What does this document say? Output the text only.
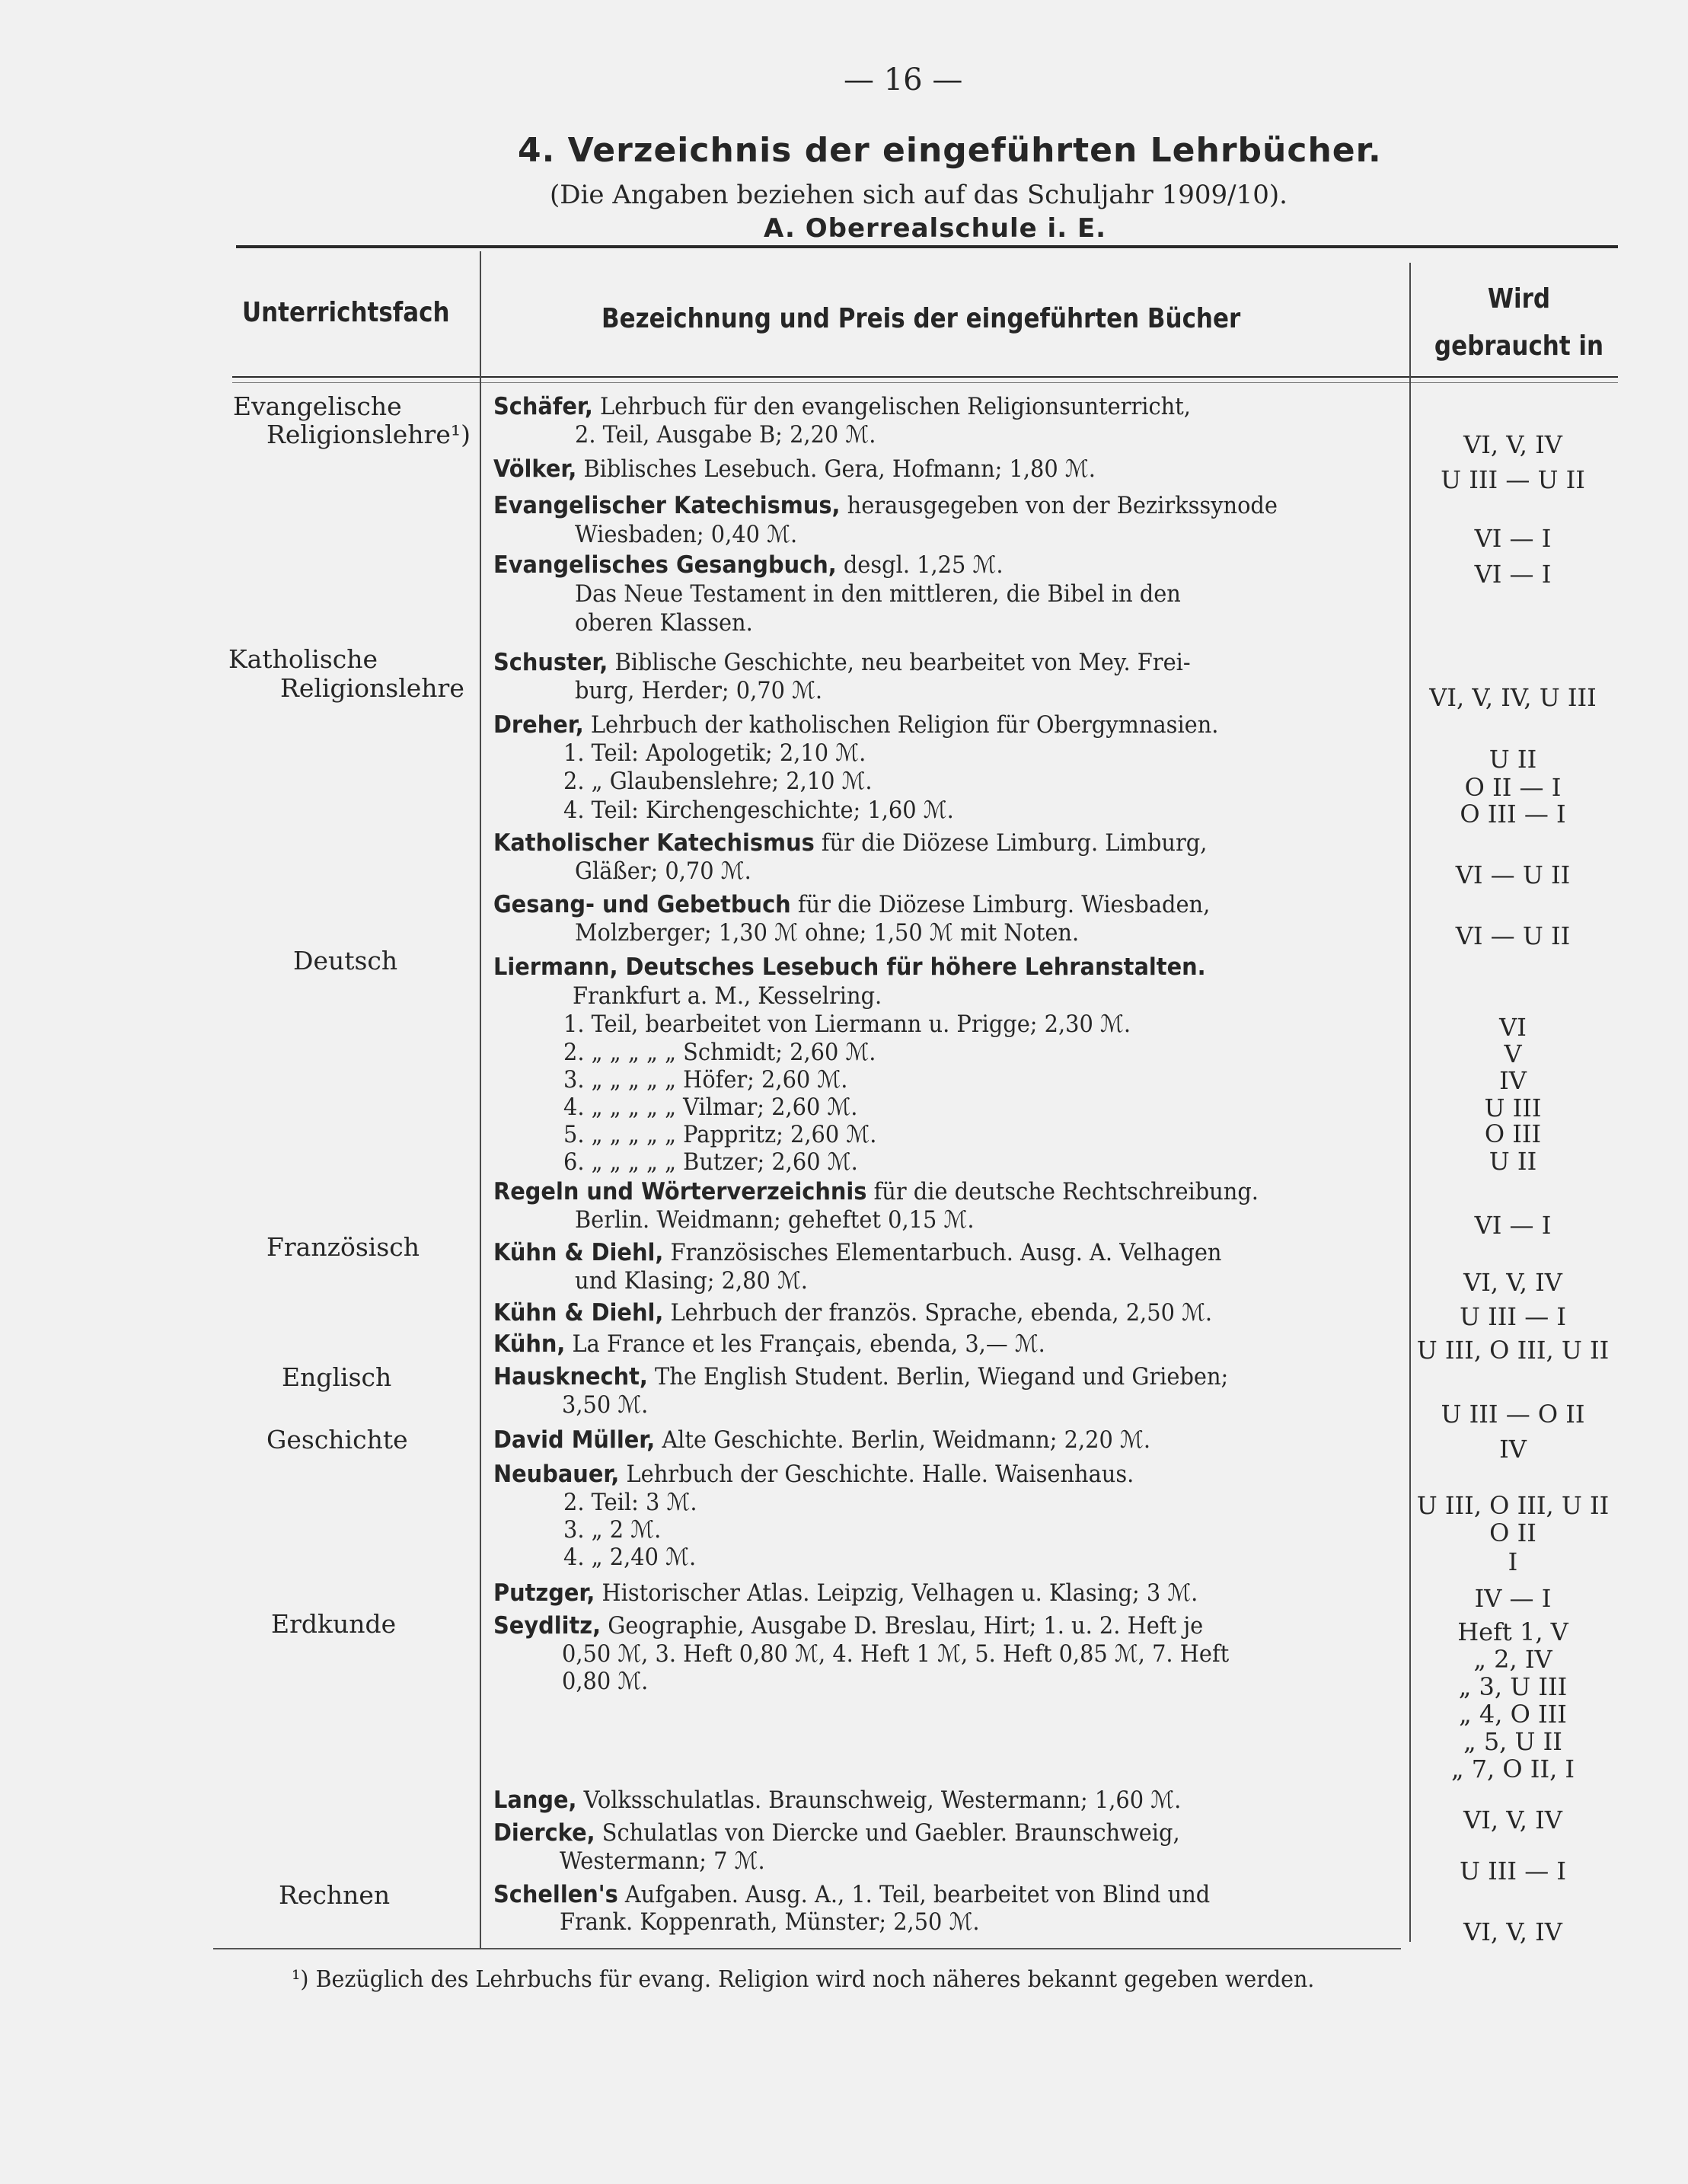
— 16 —
4. Verzeichnis der eingeführten Lehrbücher.
(Die Angaben beziehen sich auf das Schuljahr 1909/10).
A. Oberrealschule i. E.
Unterrichtsfach	Bezeichnung und Preis der eingeführten Bücher
Wird
gebraucht in
Evangelische
Religionslehre¹)
Katholische
Religionslehre
Deutsch
Französisch
Englisch
Geschichte
Erdkunde
Rechnen
Schäfer, Lehrbuch für den evangelischen Religionsunterricht,
2. Teil, Ausgabe B; 2,20 ℳ.
Völker, Biblisches Lesebuch. Gera, Hofmann; 1,80 ℳ.
Evangelischer Katechismus, herausgegeben von der Bezirkssynode
Wiesbaden; 0,40 ℳ.
Evangelisches Gesangbuch, desgl. 1,25 ℳ.
Das Neue Testament in den mittleren, die Bibel in den
oberen Klassen.
Schuster, Biblische Geschichte, neu bearbeitet von Mey. Frei-
burg, Herder; 0,70 ℳ.
Dreher, Lehrbuch der katholischen Religion für Obergymnasien.
1. Teil: Apologetik; 2,10 ℳ.
2. „ Glaubenslehre; 2,10 ℳ.
4. Teil: Kirchengeschichte; 1,60 ℳ.
Katholischer Katechismus für die Diözese Limburg. Limburg,
Gläßer; 0,70 ℳ.
Gesang- und Gebetbuch für die Diözese Limburg. Wiesbaden,
Molzberger; 1,30 ℳ ohne; 1,50 ℳ mit Noten.
Liermann, Deutsches Lesebuch für höhere Lehranstalten.
Frankfurt a. M., Kesselring.
1. Teil, bearbeitet von Liermann u. Prigge; 2,30 ℳ.
2. „ „ „ „ „ Schmidt; 2,60 ℳ.
3. „ „ „ „ „ Höfer; 2,60 ℳ.
4. „ „ „ „ „ Vilmar; 2,60 ℳ.
5. „ „ „ „ „ Pappritz; 2,60 ℳ.
6. „ „ „ „ „ Butzer; 2,60 ℳ.
Regeln und Wörterverzeichnis für die deutsche Rechtschreibung.
Berlin. Weidmann; geheftet 0,15 ℳ.
Kühn & Diehl, Französisches Elementarbuch. Ausg. A. Velhagen
und Klasing; 2,80 ℳ.
Kühn & Diehl, Lehrbuch der französ. Sprache, ebenda, 2,50 ℳ.
Kühn, La France et les Français, ebenda, 3,— ℳ.
Hausknecht, The English Student. Berlin, Wiegand und Grieben;
3,50 ℳ.
David Müller, Alte Geschichte. Berlin, Weidmann; 2,20 ℳ.
Neubauer, Lehrbuch der Geschichte. Halle. Waisenhaus.
2. Teil: 3 ℳ.
3. „ 2 ℳ.
4. „ 2,40 ℳ.
Putzger, Historischer Atlas. Leipzig, Velhagen u. Klasing; 3 ℳ.
Seydlitz, Geographie, Ausgabe D. Breslau, Hirt; 1. u. 2. Heft je
0,50 ℳ, 3. Heft 0,80 ℳ, 4. Heft 1 ℳ, 5. Heft 0,85 ℳ, 7. Heft
0,80 ℳ.
Lange, Volksschulatlas. Braunschweig, Westermann; 1,60 ℳ.
Diercke, Schulatlas von Diercke und Gaebler. Braunschweig,
Westermann; 7 ℳ.
Schellen's Aufgaben. Ausg. A., 1. Teil, bearbeitet von Blind und
Frank. Koppenrath, Münster; 2,50 ℳ.
VI, V, IV
U III — U II
VI — I
VI — I
VI, V, IV, U III
U II
O II — I
O III — I
VI — U II
VI — U II
VI
V
IV
U III
O III
U II
VI — I
VI, V, IV
U III — I
U III, O III, U II
U III — O II
IV
U III, O III, U II
O II
I
IV — I
Heft 1, V
„ 2, IV
„ 3, U III
„ 4, O III
„ 5, U II
„ 7, O II, I
VI, V, IV
U III — I
VI, V, IV
¹) Bezüglich des Lehrbuchs für evang. Religion wird noch näheres bekannt gegeben werden.
